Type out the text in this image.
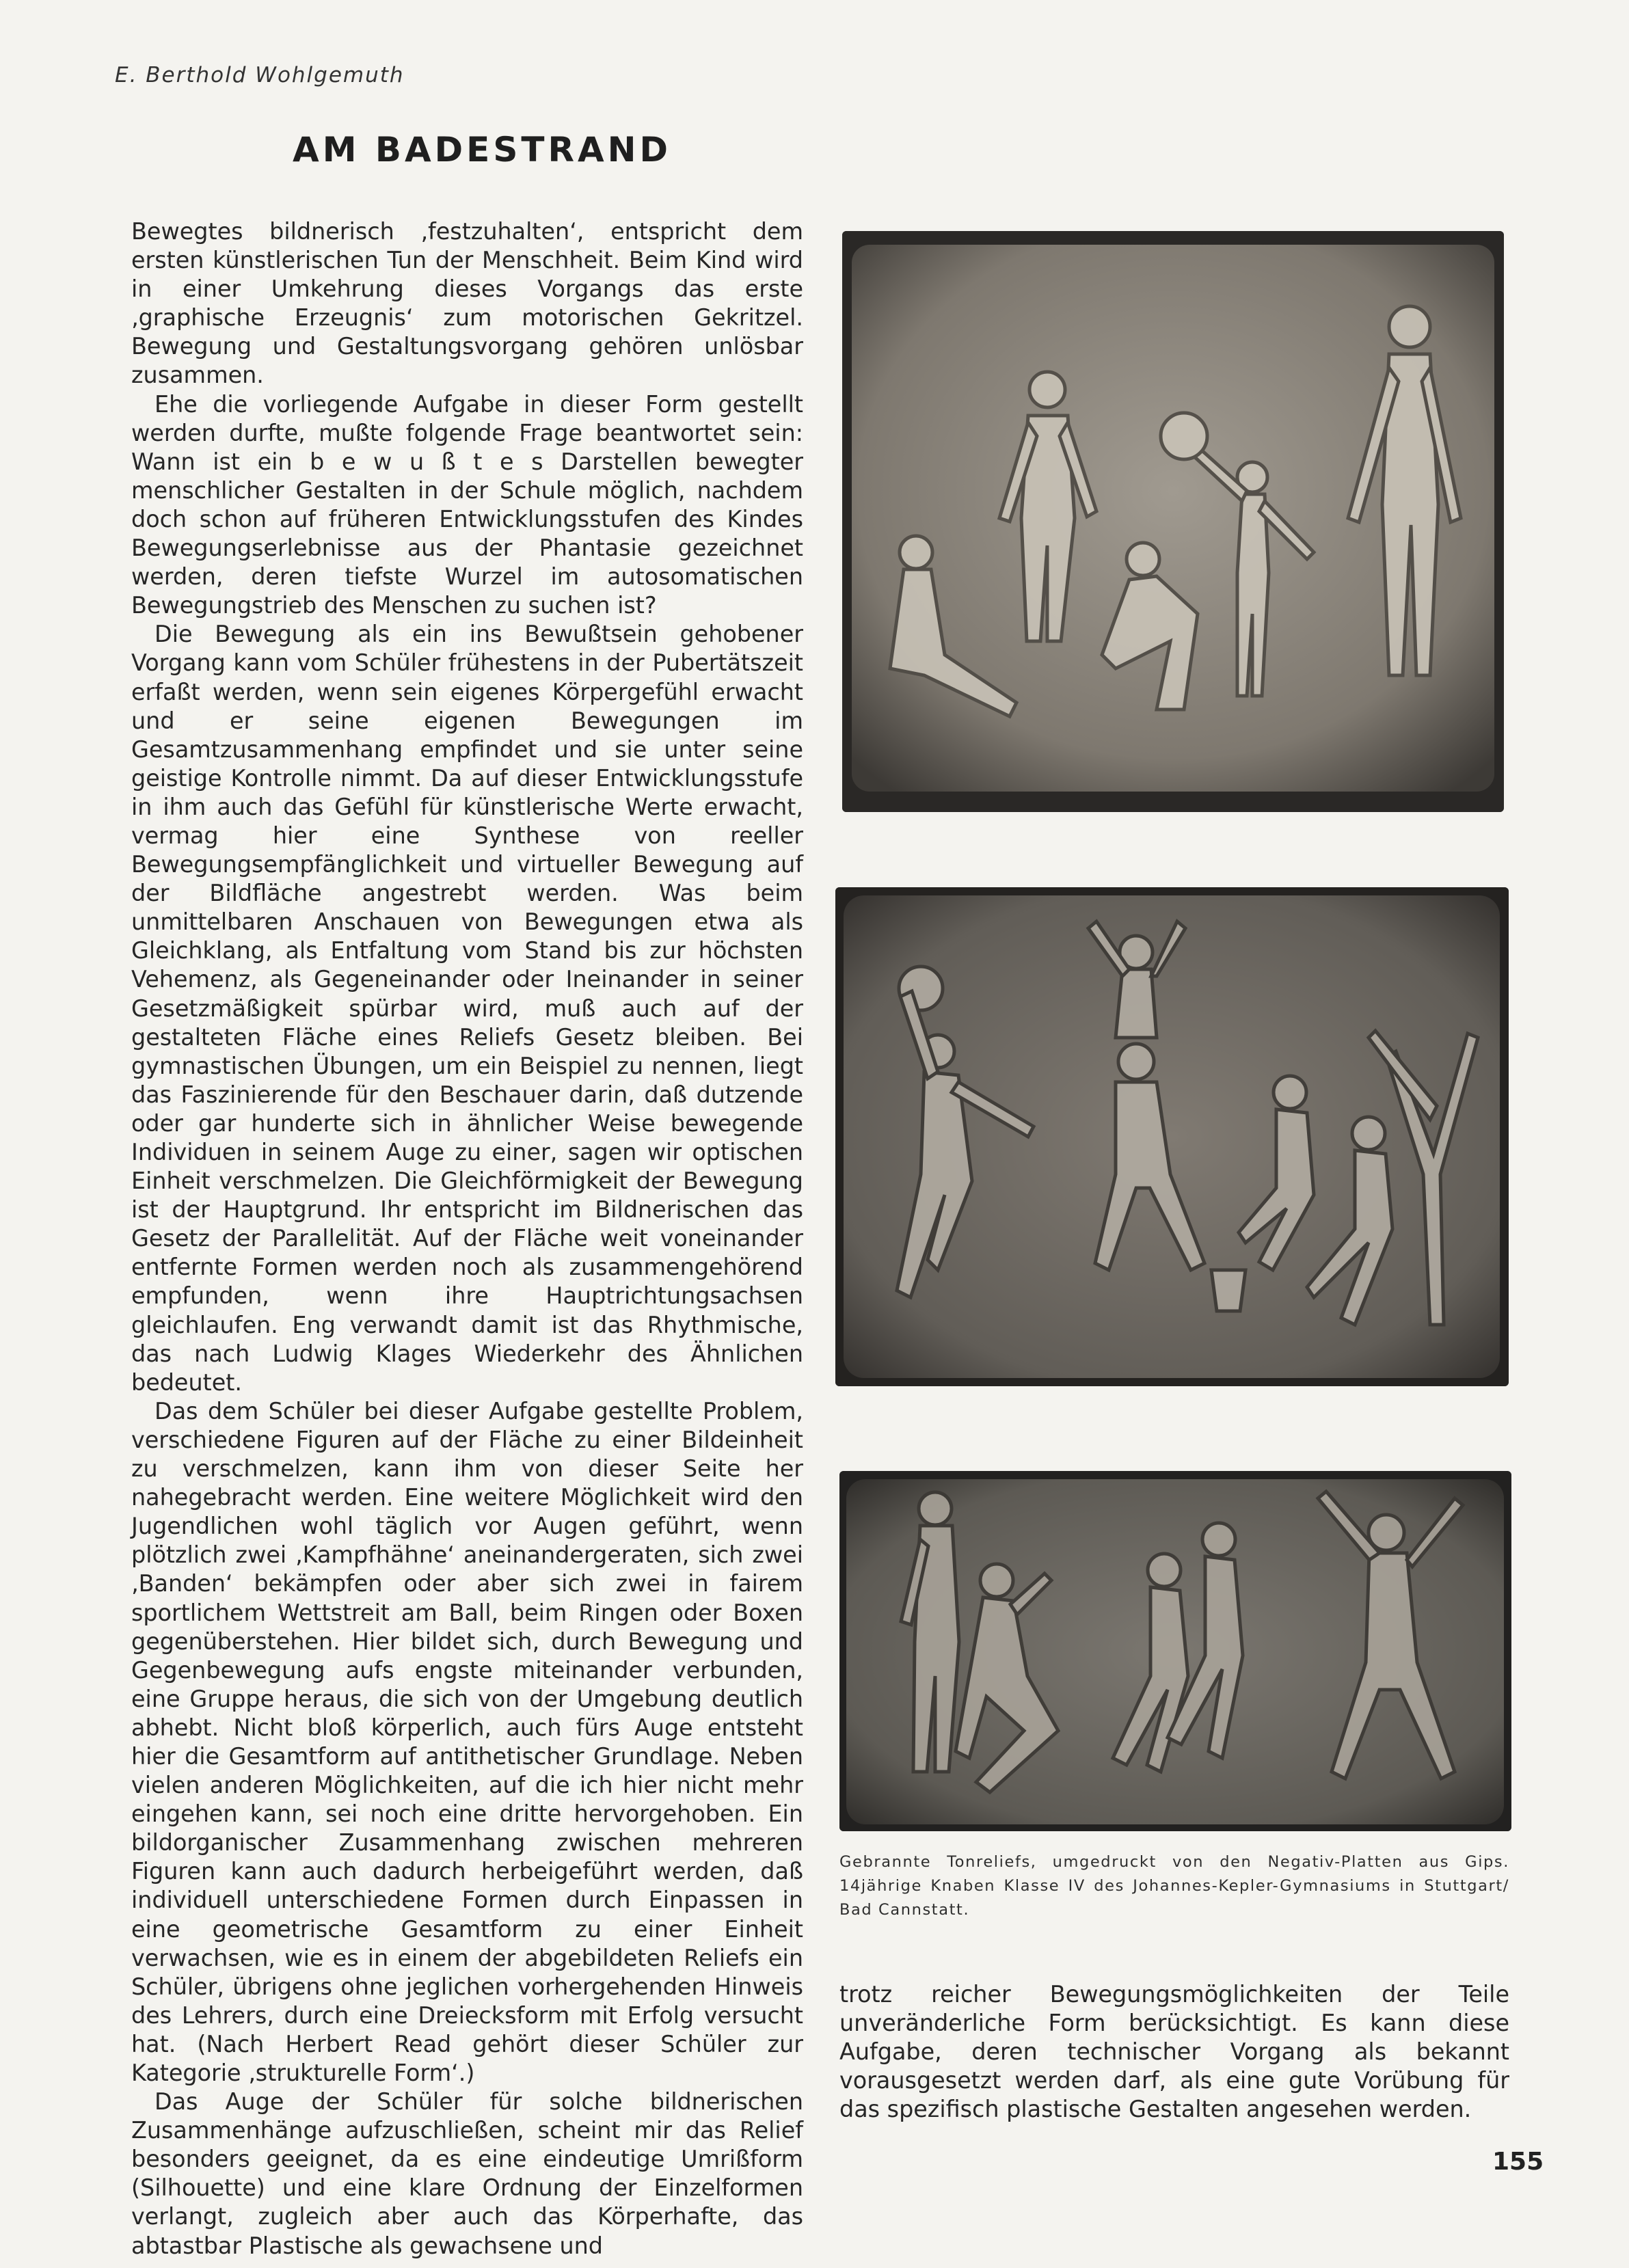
E. Berthold Wohlgemuth
AM BADESTRAND

Bewegtes bildnerisch ‚festzuhalten‘, entspricht dem ersten künstlerischen Tun der Menschheit. Beim Kind wird in einer Umkehrung dieses Vorgangs das erste ‚graphische Erzeugnis‘ zum motorischen Gekritzel. Bewegung und Gestaltungsvorgang gehören unlösbar zusammen.

Ehe die vorliegende Aufgabe in dieser Form gestellt werden durfte, mußte folgende Frage beantwortet sein: Wann ist ein b e w u ß t e s Darstellen bewegter menschlicher Gestalten in der Schule möglich, nachdem doch schon auf früheren Entwicklungsstufen des Kindes Bewegungserlebnisse aus der Phantasie gezeichnet werden, deren tiefste Wurzel im autosomatischen Bewegungstrieb des Menschen zu suchen ist?

Die Bewegung als ein ins Bewußtsein gehobener Vorgang kann vom Schüler frühestens in der Pubertätszeit erfaßt werden, wenn sein eigenes Körpergefühl erwacht und er seine eigenen Bewegungen im Gesamtzusammenhang empfindet und sie unter seine geistige Kontrolle nimmt. Da auf dieser Entwicklungsstufe in ihm auch das Gefühl für künstlerische Werte erwacht, vermag hier eine Synthese von reeller Bewegungsempfänglichkeit und virtueller Bewegung auf der Bildfläche angestrebt werden. Was beim unmittelbaren Anschauen von Bewegungen etwa als Gleichklang, als Entfaltung vom Stand bis zur höchsten Vehemenz, als Gegeneinander oder Ineinander in seiner Gesetzmäßigkeit spürbar wird, muß auch auf der gestalteten Fläche eines Reliefs Gesetz bleiben. Bei gymnastischen Übungen, um ein Beispiel zu nennen, liegt das Faszinierende für den Beschauer darin, daß dutzende oder gar hunderte sich in ähnlicher Weise bewegende Individuen in seinem Auge zu einer, sagen wir optischen Einheit verschmelzen. Die Gleichförmigkeit der Bewegung ist der Hauptgrund. Ihr entspricht im Bildnerischen das Gesetz der Parallelität. Auf der Fläche weit voneinander entfernte Formen werden noch als zusammengehörend empfunden, wenn ihre Hauptrichtungsachsen gleichlaufen. Eng verwandt damit ist das Rhythmische, das nach Ludwig Klages Wiederkehr des Ähnlichen bedeutet.

Das dem Schüler bei dieser Aufgabe gestellte Problem, verschiedene Figuren auf der Fläche zu einer Bildeinheit zu verschmelzen, kann ihm von dieser Seite her nahegebracht werden. Eine weitere Möglichkeit wird den Jugendlichen wohl täglich vor Augen geführt, wenn plötzlich zwei ‚Kampfhähne‘ aneinandergeraten, sich zwei ‚Banden‘ bekämpfen oder aber sich zwei in fairem sportlichem Wettstreit am Ball, beim Ringen oder Boxen gegenüberstehen. Hier bildet sich, durch Bewegung und Gegenbewegung aufs engste miteinander verbunden, eine Gruppe heraus, die sich von der Umgebung deutlich abhebt. Nicht bloß körperlich, auch fürs Auge entsteht hier die Gesamtform auf antithetischer Grundlage. Neben vielen anderen Möglichkeiten, auf die ich hier nicht mehr eingehen kann, sei noch eine dritte hervorgehoben. Ein bildorganischer Zusammenhang zwischen mehreren Figuren kann auch dadurch herbeigeführt werden, daß individuell unterschiedene Formen durch Einpassen in eine geometrische Gesamtform zu einer Einheit verwachsen, wie es in einem der abgebildeten Reliefs ein Schüler, übrigens ohne jeglichen vorhergehenden Hinweis des Lehrers, durch eine Dreiecksform mit Erfolg versucht hat. (Nach Herbert Read gehört dieser Schüler zur Kategorie ‚strukturelle Form‘.)

Das Auge der Schüler für solche bildnerischen Zusammenhänge aufzuschließen, scheint mir das Relief besonders geeignet, da es eine eindeutige Umrißform (Silhouette) und eine klare Ordnung der Einzelformen verlangt, zugleich aber auch das Körperhafte, das abtastbar Plastische als gewachsene und

Gebrannte Tonreliefs, umgedruckt von den Negativ-Platten aus Gips. 14jährige Knaben Klasse IV des Johannes-Kepler-Gymnasiums in Stuttgart/ Bad Cannstatt.

trotz reicher Bewegungsmöglichkeiten der Teile unveränderliche Form berücksichtigt. Es kann diese Aufgabe, deren technischer Vorgang als bekannt vorausgesetzt werden darf, als eine gute Vorübung für das spezifisch plastische Gestalten angesehen werden.

155
